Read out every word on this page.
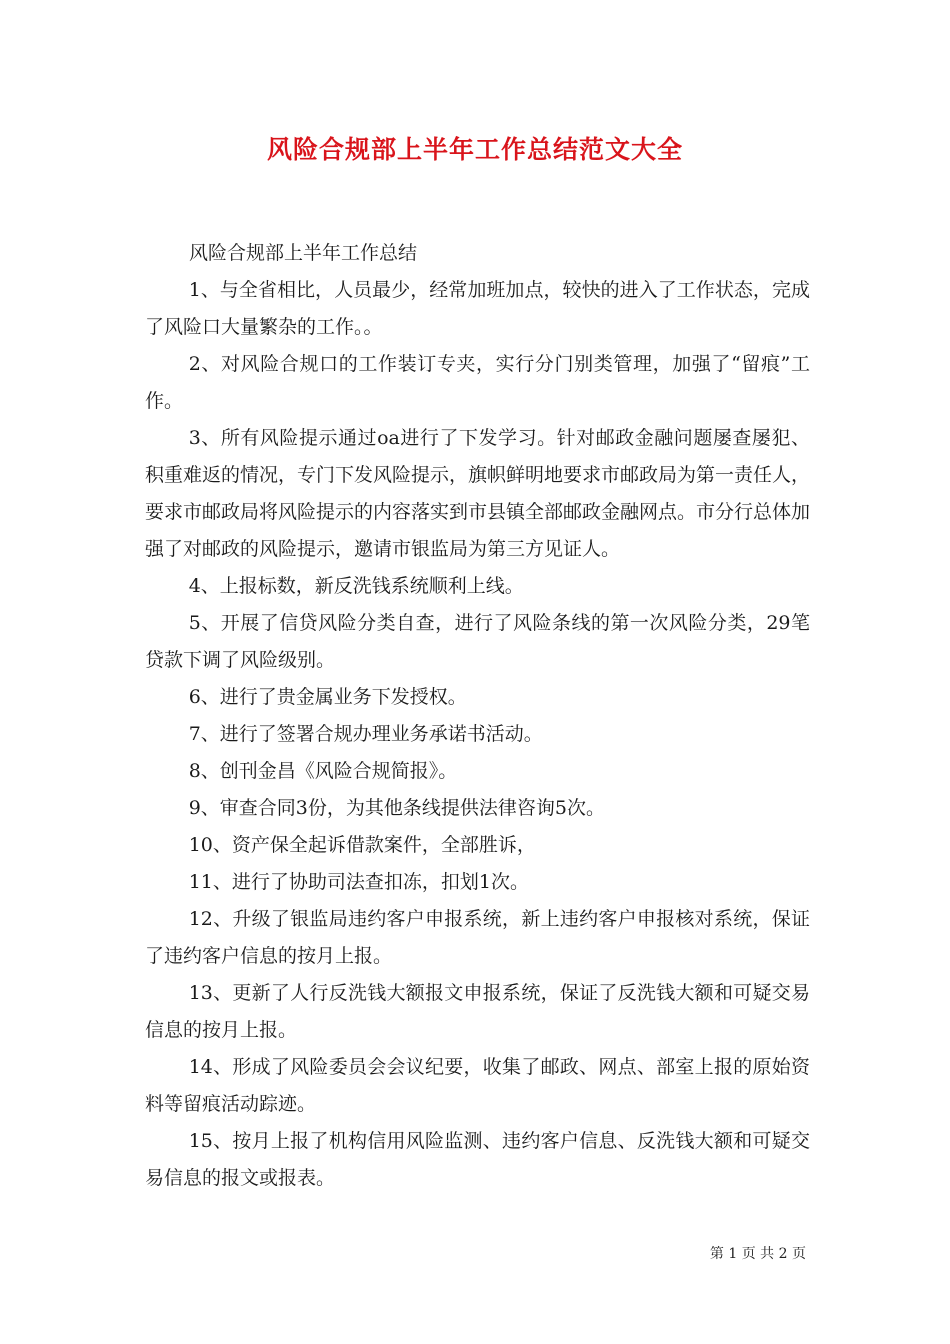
风险合规部上半年工作总结范文大全

风险合规部上半年工作总结

1、与全省相比，人员最少，经常加班加点，较快的进入了工作状态，完成了风险口大量繁杂的工作。。

2、对风险合规口的工作装订专夹，实行分门别类管理，加强了“留痕”工作。

3、所有风险提示通过oa进行了下发学习。针对邮政金融问题屡查屡犯、积重难返的情况，专门下发风险提示，旗帜鲜明地要求市邮政局为第一责任人，要求市邮政局将风险提示的内容落实到市县镇全部邮政金融网点。市分行总体加强了对邮政的风险提示，邀请市银监局为第三方见证人。

4、上报标数，新反洗钱系统顺利上线。

5、开展了信贷风险分类自查，进行了风险条线的第一次风险分类，29笔贷款下调了风险级别。

6、进行了贵金属业务下发授权。

7、进行了签署合规办理业务承诺书活动。

8、创刊金昌《风险合规简报》。

9、审查合同3份，为其他条线提供法律咨询5次。

10、资产保全起诉借款案件，全部胜诉，

11、进行了协助司法查扣冻，扣划1次。

12、升级了银监局违约客户申报系统，新上违约客户申报核对系统，保证了违约客户信息的按月上报。

13、更新了人行反洗钱大额报文申报系统，保证了反洗钱大额和可疑交易信息的按月上报。

14、形成了风险委员会会议纪要，收集了邮政、网点、部室上报的原始资料等留痕活动踪迹。

15、按月上报了机构信用风险监测、违约客户信息、反洗钱大额和可疑交易信息的报文或报表。

第 1 页 共 2 页
